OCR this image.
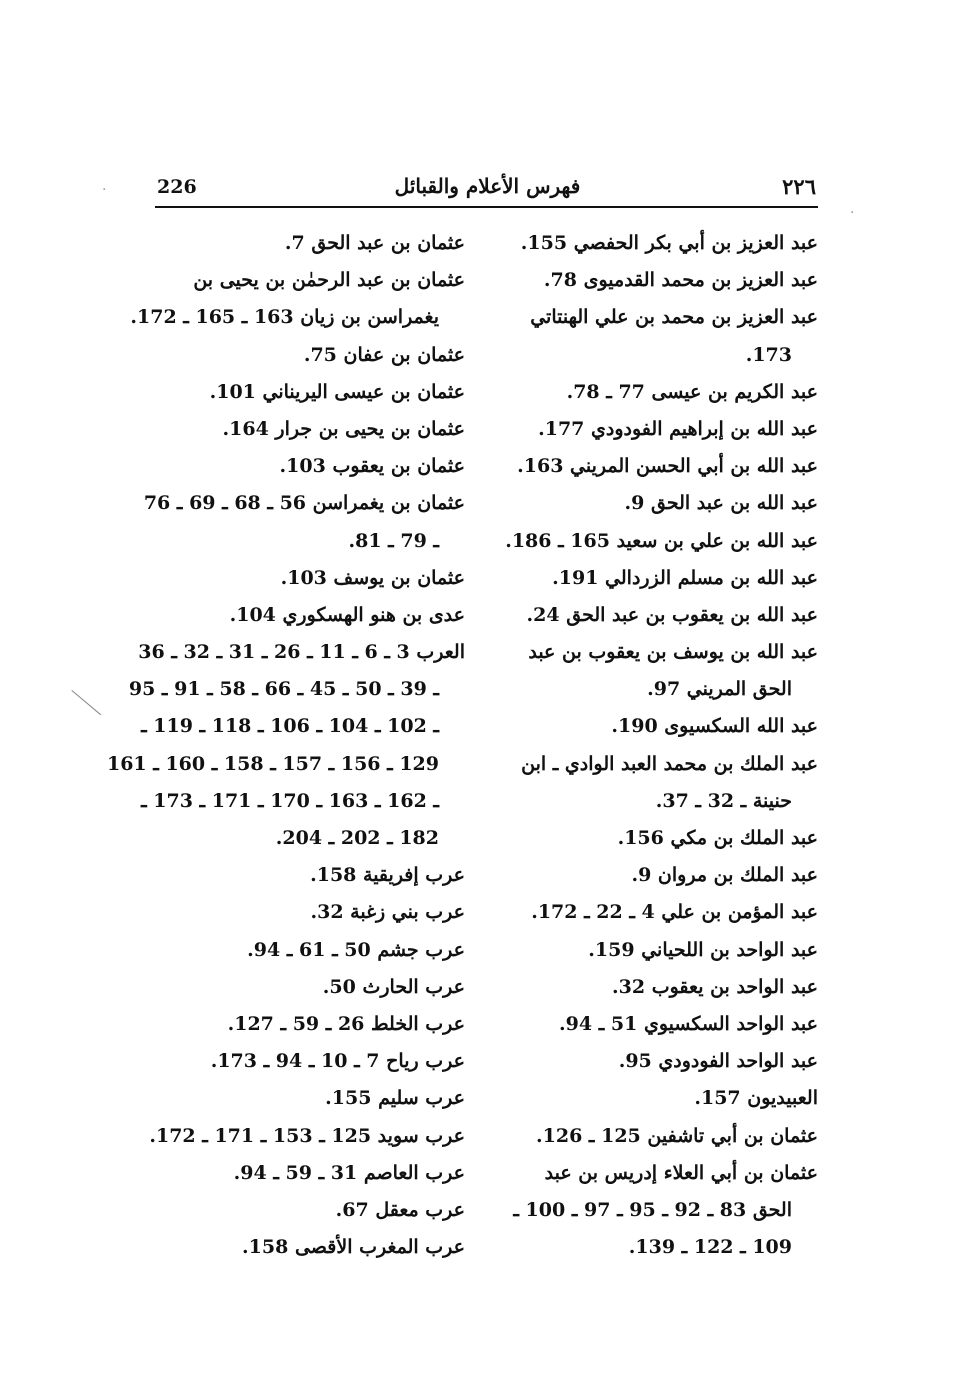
·
·
226	فهرس الأعلام والقبائل	٢٢٦
عبد العزيز بن أبي بكر الحفصي 155.
عبد العزيز بن محمد القدميوى 78.
عبد العزيز بن محمد بن علي الهنتاتي
173.
عبد الكريم بن عيسى 77 ـ 78.
عبد الله بن إبراهيم الفودودي 177.
عبد الله بن أبي الحسن المريني 163.
عبد الله بن عبد الحق 9.
عبد الله بن علي بن سعيد 165 ـ 186.
عبد الله بن مسلم الزردالي 191.
عبد الله بن يعقوب بن عبد الحق 24.
عبد الله بن يوسف بن يعقوب بن عبد
الحق المريني 97.
عبد الله السكسيوى 190.
عبد الملك بن محمد العبد الوادي ـ ابن
حنينة ـ 32 ـ 37.
عبد الملك بن مكي 156.
عبد الملك بن مروان 9.
عبد المؤمن بن علي 4 ـ 22 ـ 172.
عبد الواحد بن اللحياني 159.
عبد الواحد بن يعقوب 32.
عبد الواحد السكسيوي 51 ـ 94.
عبد الواحد الفودودي 95.
العبيديون 157.
عثمان بن أبي تاشفين 125 ـ 126.
عثمان بن أبي العلاء إدريس بن عبد
الحق 83 ـ 92 ـ 95 ـ 97 ـ 100 ـ
109 ـ 122 ـ 139.
عثمان بن عبد الحق 7.
عثمان بن عبد الرحمٰن بن يحيى بن
يغمراسن بن زيان 163 ـ 165 ـ 172.
عثمان بن عفان 75.
عثمان بن عيسى اليريناني 101.
عثمان بن يحيى بن جرار 164.
عثمان بن يعقوب 103.
عثمان بن يغمراسن 56 ـ 68 ـ 69 ـ 76
ـ 79 ـ 81.
عثمان بن يوسف 103.
عدى بن هنو الهسكوري 104.
العرب 3 ـ 6 ـ 11 ـ 26 ـ 31 ـ 32 ـ 36
ـ 39 ـ 50 ـ 45 ـ 66 ـ 58 ـ 91 ـ 95
ـ 102 ـ 104 ـ 106 ـ 118 ـ 119 ـ
129 ـ 156 ـ 157 ـ 158 ـ 160 ـ 161
ـ 162 ـ 163 ـ 170 ـ 171 ـ 173 ـ
182 ـ 202 ـ 204.
عرب إفريقية 158.
عرب بني زغبة 32.
عرب جشم 50 ـ 61 ـ 94.
عرب الحارث 50.
عرب الخلط 26 ـ 59 ـ 127.
عرب رياح 7 ـ 10 ـ 94 ـ 173.
عرب سليم 155.
عرب سويد 125 ـ 153 ـ 171 ـ 172.
عرب العاصم 31 ـ 59 ـ 94.
عرب معقل 67.
عرب المغرب الأقصى 158.
